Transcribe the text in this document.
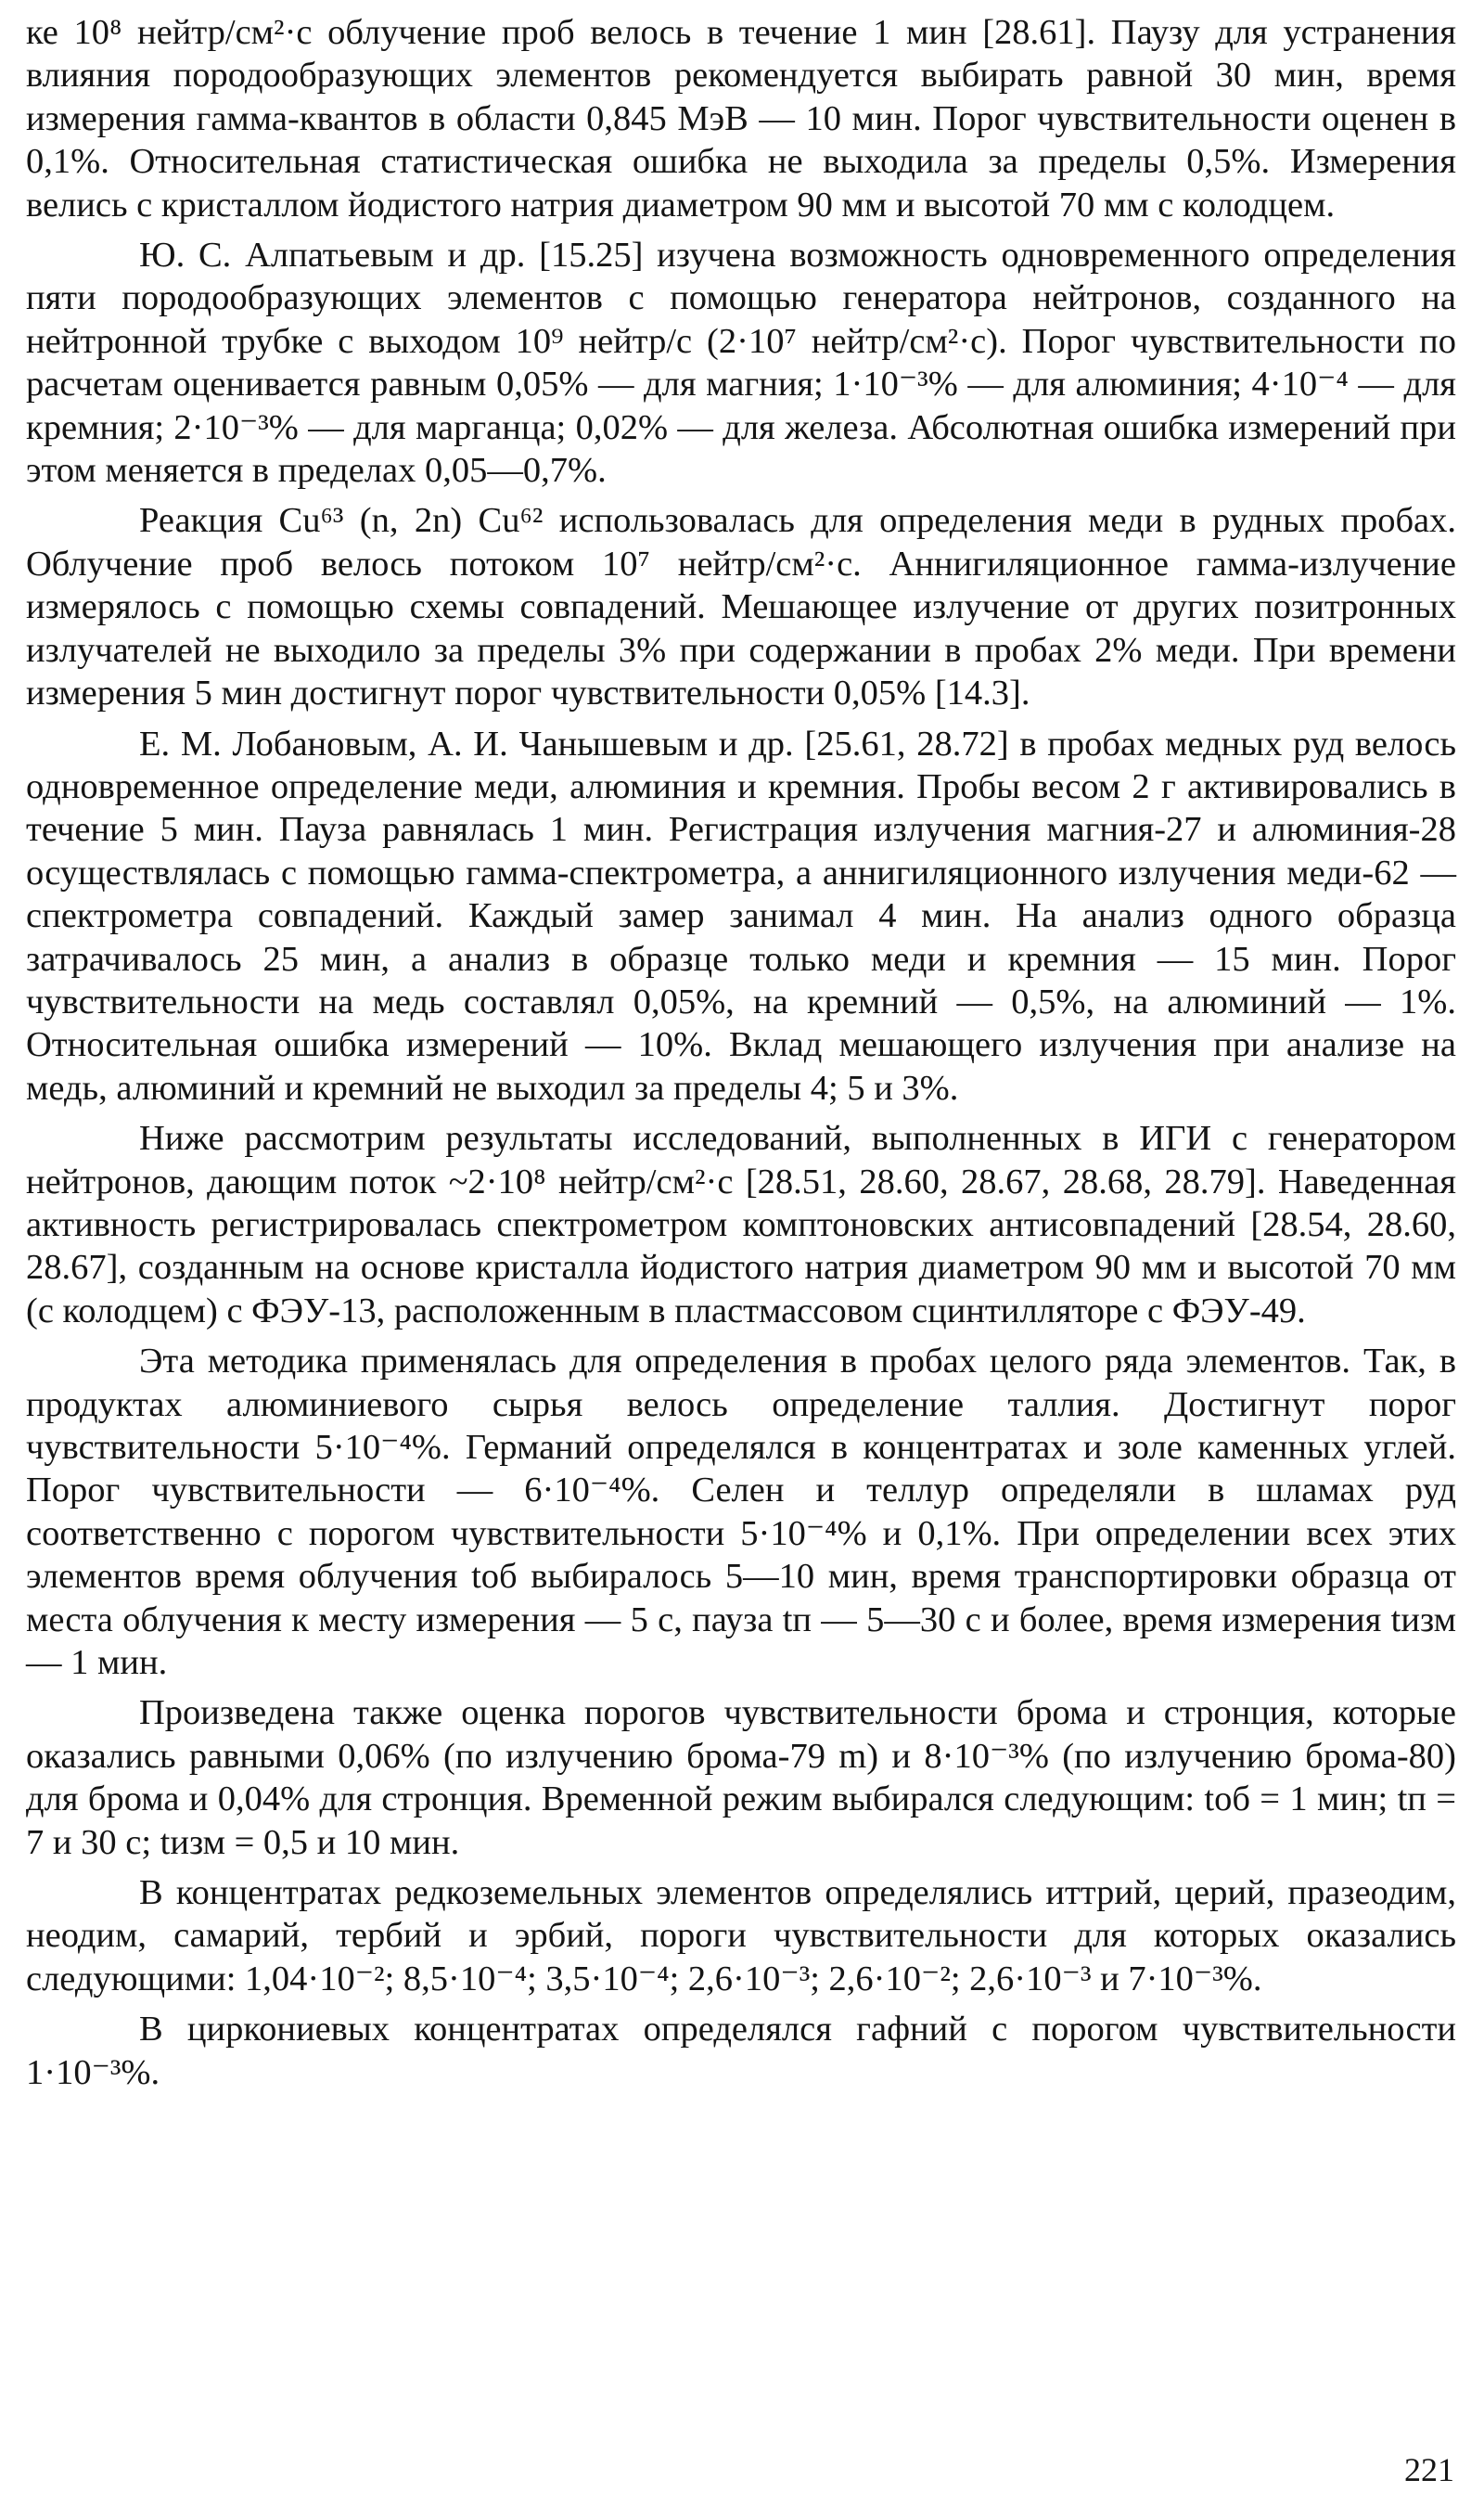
ке 10⁸ нейтр/см²·с облучение проб велось в течение 1 мин [28.61]. Паузу для устранения влияния породообразующих элементов рекомендуется выбирать равной 30 мин, время измерения гамма-квантов в области 0,845 МэВ — 10 мин. Порог чувствительности оценен в 0,1%. Относительная статистическая ошибка не выходила за пределы 0,5%. Измерения велись с кристаллом йодистого натрия диаметром 90 мм и высотой 70 мм с колодцем.

Ю. С. Алпатьевым и др. [15.25] изучена возможность одновременного определения пяти породообразующих элементов с помощью генератора нейтронов, созданного на нейтронной трубке с выходом 10⁹ нейтр/с (2·10⁷ нейтр/см²·с). Порог чувствительности по расчетам оценивается равным 0,05% — для магния; 1·10⁻³% — для алюминия; 4·10⁻⁴ — для кремния; 2·10⁻³% — для марганца; 0,02% — для железа. Абсолютная ошибка измерений при этом меняется в пределах 0,05—0,7%.

Реакция Cu⁶³ (n, 2n) Cu⁶² использовалась для определения меди в рудных пробах. Облучение проб велось потоком 10⁷ нейтр/см²·с. Аннигиляционное гамма-излучение измерялось с помощью схемы совпадений. Мешающее излучение от других позитронных излучателей не выходило за пределы 3% при содержании в пробах 2% меди. При времени измерения 5 мин достигнут порог чувствительности 0,05% [14.3].

Е. М. Лобановым, А. И. Чанышевым и др. [25.61, 28.72] в пробах медных руд велось одновременное определение меди, алюминия и кремния. Пробы весом 2 г активировались в течение 5 мин. Пауза равнялась 1 мин. Регистрация излучения магния-27 и алюминия-28 осуществлялась с помощью гамма-спектрометра, а аннигиляционного излучения меди-62 — спектрометра совпадений. Каждый замер занимал 4 мин. На анализ одного образца затрачивалось 25 мин, а анализ в образце только меди и кремния — 15 мин. Порог чувствительности на медь составлял 0,05%, на кремний — 0,5%, на алюминий — 1%. Относительная ошибка измерений — 10%. Вклад мешающего излучения при анализе на медь, алюминий и кремний не выходил за пределы 4; 5 и 3%.

Ниже рассмотрим результаты исследований, выполненных в ИГИ с генератором нейтронов, дающим поток ~2·10⁸ нейтр/см²·с [28.51, 28.60, 28.67, 28.68, 28.79]. Наведенная активность регистрировалась спектрометром комптоновских антисовпадений [28.54, 28.60, 28.67], созданным на основе кристалла йодистого натрия диаметром 90 мм и высотой 70 мм (с колодцем) с ФЭУ-13, расположенным в пластмассовом сцинтилляторе с ФЭУ-49.

Эта методика применялась для определения в пробах целого ряда элементов. Так, в продуктах алюминиевого сырья велось определение таллия. Достигнут порог чувствительности 5·10⁻⁴%. Германий определялся в концентратах и золе каменных углей. Порог чувствительности — 6·10⁻⁴%. Селен и теллур определяли в шламах руд соответственно с порогом чувствительности 5·10⁻⁴% и 0,1%. При определении всех этих элементов время облучения tоб выбиралось 5—10 мин, время транспортировки образца от места облучения к месту измерения — 5 с, пауза tп — 5—30 с и более, время измерения tизм — 1 мин.

Произведена также оценка порогов чувствительности брома и стронция, которые оказались равными 0,06% (по излучению брома-79 m) и 8·10⁻³% (по излучению брома-80) для брома и 0,04% для стронция. Временной режим выбирался следующим: tоб = 1 мин; tп = 7 и 30 с; tизм = 0,5 и 10 мин.

В концентратах редкоземельных элементов определялись иттрий, церий, празеодим, неодим, самарий, тербий и эрбий, пороги чувствительности для которых оказались следующими: 1,04·10⁻²; 8,5·10⁻⁴; 3,5·10⁻⁴; 2,6·10⁻³; 2,6·10⁻²; 2,6·10⁻³ и 7·10⁻³%.

В циркониевых концентратах определялся гафний с порогом чувствительности 1·10⁻³%.

221
